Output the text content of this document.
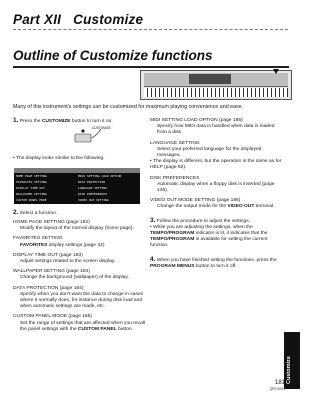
Part XII Customize
Outline of Customize functions
Many of this instrument's settings can be customized for maximum playing convenience and ease.
1. Press the CUSTOMIZE button to turn it on.
CUSTOMIZE
• The display looks similar to the following.
HOME PAGE SETTING	MIDI SETTING LOAD OPTION
FAVORITES SETTING	DATA PROTECTION
DISPLAY TIME OUT	LANGUAGE SETTING
WALLPAPER SETTING	DISK PREFERENCES
CUSTOM PANEL MODE	VIDEO OUT SETTING
2. Select a function.
HOME PAGE SETTING (page 182)
Modify the layout of the normal display (home page).
FAVORITES SETTING
FAVORITES display settings (page 32)
DISPLAY TIME OUT (page 183)
Adjust settings related to the screen display.
WALLPAPER SETTING (page 184)
Change the background (wallpaper) of the display.
DATA PROTECTION (page 184)
Specify when you don't want the data to change in cases where it normally does, for instance during disk load and when automatic settings are made, etc.
CUSTOM PANEL MODE (page 185)
Set the range of settings that are affected when you recall the panel settings with the CUSTOM PANEL button.
MIDI SETTING LOAD OPTION (page 185)
Specify how MIDI data is handled when data is loaded from a disk.
LANGUAGE SETTING
Select your preferred language for the displayed messages.
• The display is different, but the operation is the same as for HELP (page 92).
DISK PREFERENCES
Automatic display when a floppy disk is inserted (page 136).
VIDEO OUT MODE SETTING (page 186)
Change the output mode for the VIDEO OUT terminal.
3. Follow the procedure to adjust the settings.
• While you are adjusting the settings, when the TEMPO/PROGRAM indicator is lit, it indicates that the TEMPO/PROGRAM is available for setting the current function.
4. When you have finished setting the functions, press the PROGRAM MENUS button to turn it off.
Customize
181
QRT0001
